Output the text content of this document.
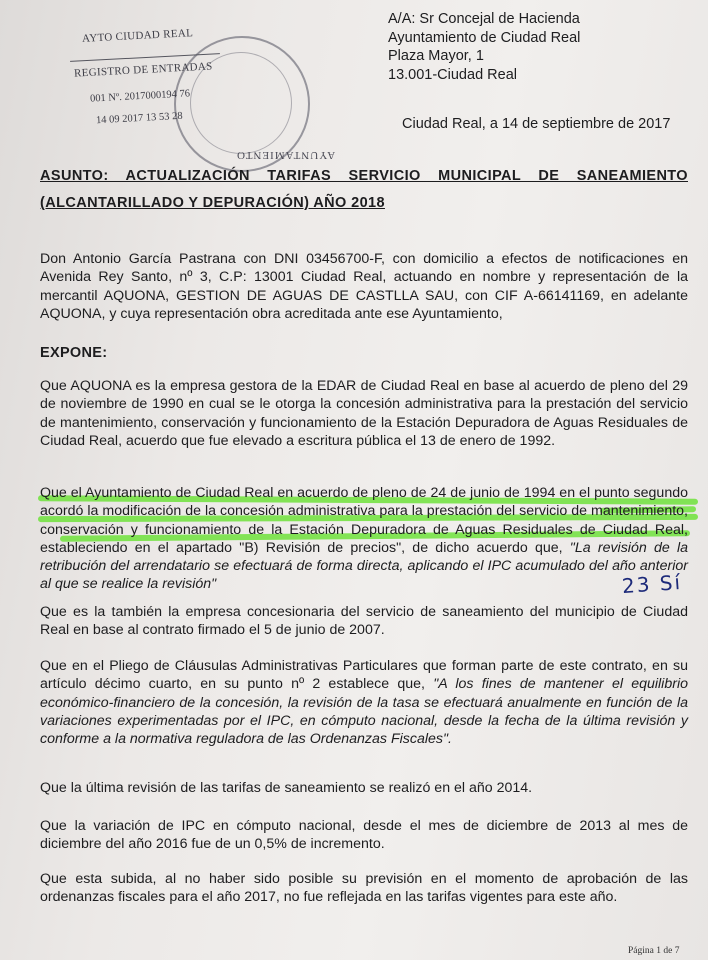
AYUNTAMIENTO
AYTO CIUDAD REAL
REGISTRO DE ENTRADAS
001 Nº. 2017000194 76
14 09 2017 13 53 28
A/A: Sr Concejal de Hacienda
Ayuntamiento de Ciudad Real
Plaza Mayor, 1
13.001-Ciudad Real
Ciudad Real, a 14 de septiembre de 2017
ASUNTO: ACTUALIZACIÓN TARIFAS SERVICIO MUNICIPAL DE SANEAMIENTO
(ALCANTARILLADO Y DEPURACIÓN) AÑO 2018
Don Antonio García Pastrana con DNI 03456700-F, con domicilio a efectos de notificaciones en Avenida Rey Santo, nº 3, C.P: 13001 Ciudad Real, actuando en nombre y representación de la mercantil AQUONA, GESTION DE AGUAS DE CASTLLA SAU, con CIF A-66141169, en adelante AQUONA, y cuya representación obra acreditada ante ese Ayuntamiento,
EXPONE:
Que AQUONA es la empresa gestora de la EDAR de Ciudad Real en base al acuerdo de pleno del 29 de noviembre de 1990 en cual se le otorga la concesión administrativa para la prestación del servicio de mantenimiento, conservación y funcionamiento de la Estación Depuradora de Aguas Residuales de Ciudad Real, acuerdo que fue elevado a escritura pública el 13 de enero de 1992.
Que el Ayuntamiento de Ciudad Real en acuerdo de pleno de 24 de junio de 1994 en el punto segundo acordó la modificación de la concesión administrativa para la prestación del servicio de mantenimiento, conservación y funcionamiento de la Estación Depuradora de Aguas Residuales de Ciudad Real, estableciendo en el apartado "B) Revisión de precios", de dicho acuerdo que, "La revisión de la retribución del arrendatario se efectuará de forma directa, aplicando el IPC acumulado del año anterior al que se realice la revisión"	23 Sí
Que es la también la empresa concesionaria del servicio de saneamiento del municipio de Ciudad Real en base al contrato firmado el 5 de junio de 2007.
Que en el Pliego de Cláusulas Administrativas Particulares que forman parte de este contrato, en su artículo décimo cuarto, en su punto nº 2 establece que, "A los fines de mantener el equilibrio económico-financiero de la concesión, la revisión de la tasa se efectuará anualmente en función de la variaciones experimentadas por el IPC, en cómputo nacional, desde la fecha de la última revisión y conforme a la normativa reguladora de las Ordenanzas Fiscales".
Que la última revisión de las tarifas de saneamiento se realizó en el año 2014.
Que la variación de IPC en cómputo nacional, desde el mes de diciembre de 2013 al mes de diciembre del año 2016 fue de un 0,5% de incremento.
Que esta subida, al no haber sido posible su previsión en el momento de aprobación de las ordenanzas fiscales para el año 2017, no fue reflejada en las tarifas vigentes para este año.
Página 1 de 7
